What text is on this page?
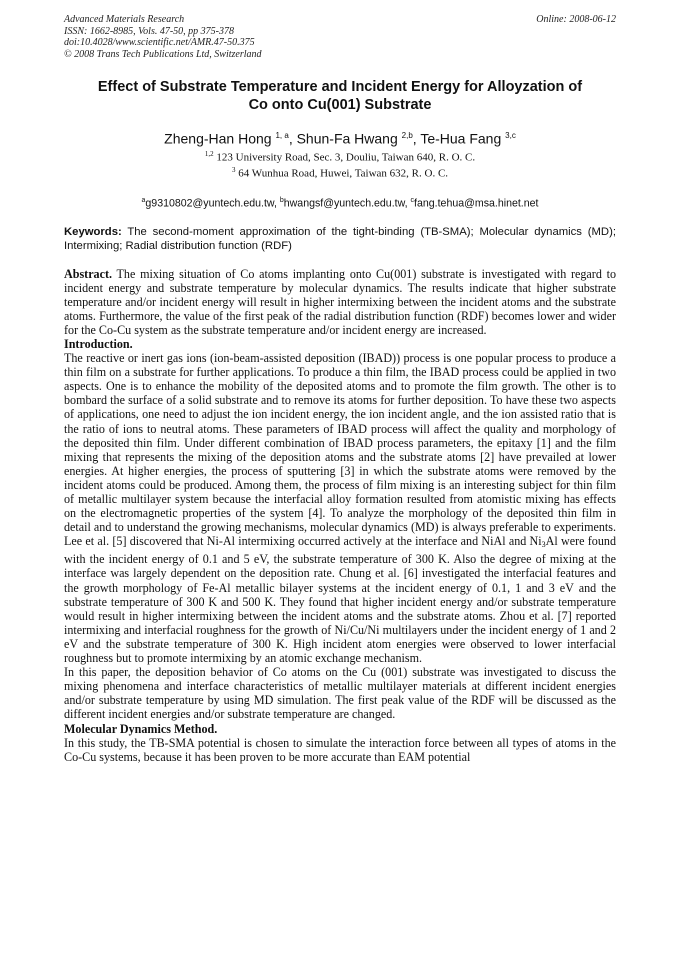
Advanced Materials Research	Online: 2008-06-12
ISSN: 1662-8985, Vols. 47-50, pp 375-378
doi:10.4028/www.scientific.net/AMR.47-50.375
© 2008 Trans Tech Publications Ltd, Switzerland
Effect of Substrate Temperature and Incident Energy for Alloyzation of
Co onto Cu(001) Substrate
Zheng-Han Hong $^{1, a}$, Shun-Fa Hwang $^{2,b}$, Te-Hua Fang $^{3,c}$
$^{1,2}$ 123 University Road, Sec. 3, Douliu, Taiwan 640, R. O. C.
$^3$ 64 Wunhua Road, Huwei, Taiwan 632, R. O. C.
$^a$g9310802@yuntech.edu.tw, $^b$hwangsf@yuntech.edu.tw, $^c$fang.tehua@msa.hinet.net
Keywords: The second-moment approximation of the tight-binding (TB-SMA); Molecular dynamics (MD); Intermixing; Radial distribution function (RDF)

Abstract. The mixing situation of Co atoms implanting onto Cu(001) substrate is investigated with regard to incident energy and substrate temperature by molecular dynamics. The results indicate that higher substrate temperature and/or incident energy will result in higher intermixing between the incident atoms and the substrate atoms. Furthermore, the value of the first peak of the radial distribution function (RDF) becomes lower and wider for the Co-Cu system as the substrate temperature and/or incident energy are increased.

Introduction.

The reactive or inert gas ions (ion-beam-assisted deposition (IBAD)) process is one popular process to produce a thin film on a substrate for further applications. To produce a thin film, the IBAD process could be applied in two aspects. One is to enhance the mobility of the deposited atoms and to promote the film growth. The other is to bombard the surface of a solid substrate and to remove its atoms for further deposition. To have these two aspects of applications, one need to adjust the ion incident energy, the ion incident angle, and the ion assisted ratio that is the ratio of ions to neutral atoms. These parameters of IBAD process will affect the quality and morphology of the deposited thin film. Under different combination of IBAD process parameters, the epitaxy [1] and the film mixing that represents the mixing of the deposition atoms and the substrate atoms [2] have prevailed at lower energies. At higher energies, the process of sputtering [3] in which the substrate atoms were removed by the incident atoms could be produced. Among them, the process of film mixing is an interesting subject for thin film of metallic multilayer system because the interfacial alloy formation resulted from atomistic mixing has effects on the electromagnetic properties of the system [4]. To analyze the morphology of the deposited thin film in detail and to understand the growing mechanisms, molecular dynamics (MD) is always preferable to experiments. Lee et al. [5] discovered that Ni-Al intermixing occurred actively at the interface and NiAl and $Ni_3Al$ were found with the incident energy of 0.1 and 5 eV, the substrate temperature of 300 K. Also the degree of mixing at the interface was largely dependent on the deposition rate. Chung et al. [6] investigated the interfacial features and the growth morphology of Fe-Al metallic bilayer systems at the incident energy of 0.1, 1 and 3 eV and the substrate temperature of 300 K and 500 K. They found that higher incident energy and/or substrate temperature would result in higher intermixing between the incident atoms and the substrate atoms. Zhou et al. [7] reported intermixing and interfacial roughness for the growth of Ni/Cu/Ni multilayers under the incident energy of 1 and 2 eV and the substrate temperature of 300 K. High incident atom energies were observed to lower interfacial roughness but to promote intermixing by an atomic exchange mechanism.

In this paper, the deposition behavior of Co atoms on the Cu (001) substrate was investigated to discuss the mixing phenomena and interface characteristics of metallic multilayer materials at different incident energies and/or substrate temperature by using MD simulation. The first peak value of the RDF will be discussed as the different incident energies and/or substrate temperature are changed.

Molecular Dynamics Method.

In this study, the TB-SMA potential is chosen to simulate the interaction force between all types of atoms in the Co-Cu systems, because it has been proven to be more accurate than EAM potential
